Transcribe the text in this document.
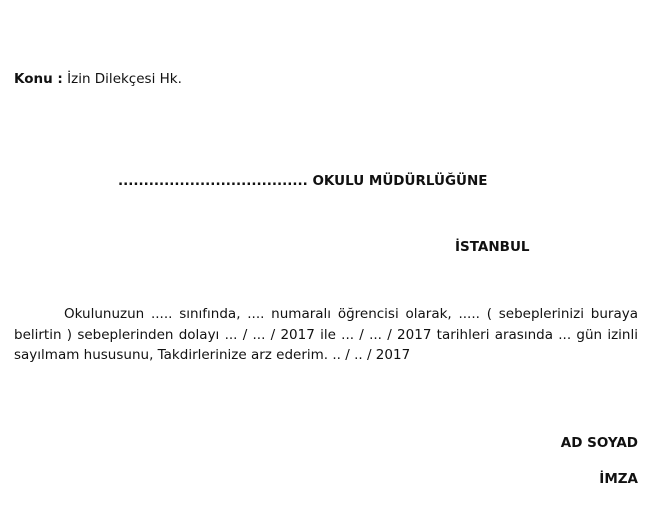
Konu : İzin Dilekçesi Hk.
..................................... OKULU MÜDÜRLÜĞÜNE
İSTANBUL
Okulunuzun ..... sınıfında, .... numaralı öğrencisi olarak, ..... ( sebeplerinizi buraya belirtin ) sebeplerinden dolayı ... / ... / 2017 ile ... / ... / 2017 tarihleri arasında ... gün izinli sayılmam hususunu, Takdirlerinize arz ederim. .. / .. / 2017
AD SOYAD
İMZA
